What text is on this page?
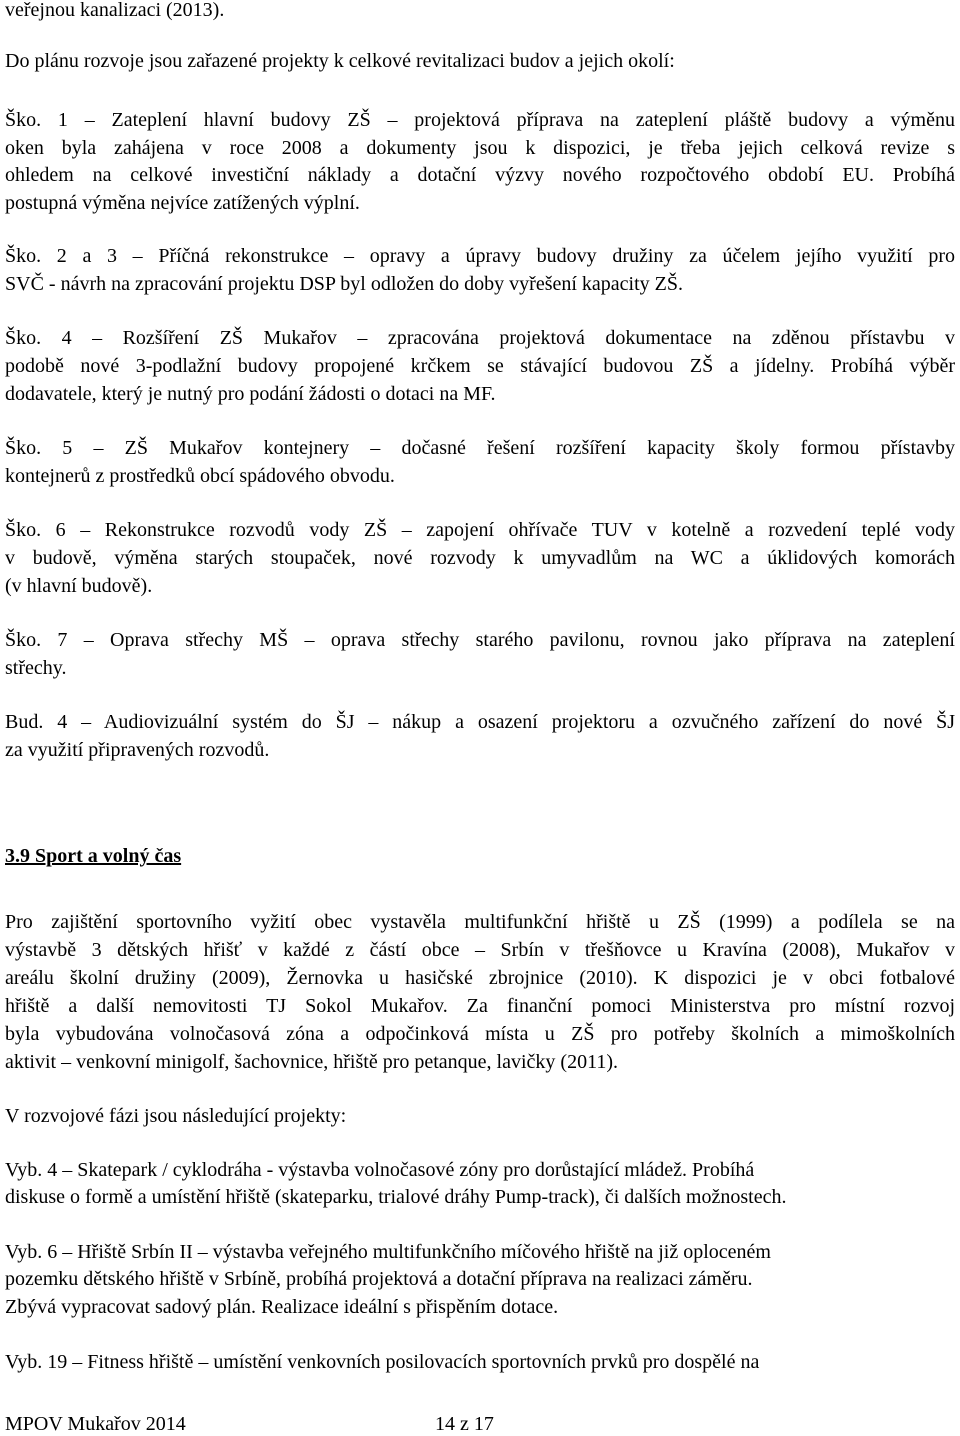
veřejnou kanalizaci (2013).
Do plánu rozvoje jsou zařazené projekty k celkové revitalizaci budov a jejich okolí:
Ško. 1 – Zateplení hlavní budovy ZŠ – projektová příprava na zateplení pláště budovy a výměnu
oken byla zahájena v roce 2008 a dokumenty jsou k dispozici, je třeba jejich celková revize s
ohledem na celkové investiční náklady a dotační výzvy nového rozpočtového období EU. Probíhá
postupná výměna nejvíce zatížených výplní.
Ško. 2 a 3 – Příčná rekonstrukce – opravy a úpravy budovy družiny za účelem jejího využití pro
SVČ - návrh na zpracování projektu DSP byl odložen do doby vyřešení kapacity ZŠ.
Ško. 4 – Rozšíření ZŠ Mukařov – zpracována projektová dokumentace na zděnou přístavbu v
podobě nové 3-podlažní budovy propojené krčkem se stávající budovou ZŠ a jídelny. Probíhá výběr
dodavatele, který je nutný pro podání žádosti o dotaci na MF.
Ško. 5 – ZŠ Mukařov kontejnery – dočasné řešení rozšíření kapacity školy formou přístavby
kontejnerů z prostředků obcí spádového obvodu.
Ško. 6 – Rekonstrukce rozvodů vody ZŠ – zapojení ohřívače TUV v kotelně a rozvedení teplé vody
v budově, výměna starých stoupaček, nové rozvody k umyvadlům na WC a úklidových komorách
(v hlavní budově).
Ško. 7 – Oprava střechy MŠ – oprava střechy starého pavilonu, rovnou jako příprava na zateplení
střechy.
Bud. 4 – Audiovizuální systém do ŠJ – nákup a osazení projektoru a ozvučného zařízení do nové ŠJ
za využití připravených rozvodů.
3.9 Sport a volný čas
Pro zajištění sportovního vyžití obec vystavěla multifunkční hřiště u ZŠ (1999) a podílela se na
výstavbě 3 dětských hřišť v každé z částí obce – Srbín v třešňovce u Kravína (2008), Mukařov v
areálu školní družiny (2009), Žernovka u hasičské zbrojnice (2010). K dispozici je v obci fotbalové
hřiště a další nemovitosti TJ Sokol Mukařov. Za finanční pomoci Ministerstva pro místní rozvoj
byla vybudována volnočasová zóna a odpočinková místa u ZŠ pro potřeby školních a mimoškolních
aktivit – venkovní minigolf, šachovnice, hřiště pro petanque, lavičky (2011).
V rozvojové fázi jsou následující projekty:
Vyb. 4 – Skatepark / cyklodráha - výstavba volnočasové zóny pro dorůstající mládež. Probíhá
diskuse o formě a umístění hřiště (skateparku, trialové dráhy Pump-track), či dalších možnostech.
Vyb. 6 – Hřiště Srbín II – výstavba veřejného multifunkčního míčového hřiště na již oploceném
pozemku dětského hřiště v Srbíně, probíhá projektová a dotační příprava na realizaci záměru.
Zbývá vypracovat sadový plán. Realizace ideální s přispěním dotace.
Vyb. 19 – Fitness hřiště – umístění venkovních posilovacích sportovních prvků pro dospělé na
MPOV Mukařov 2014	14 z 17
